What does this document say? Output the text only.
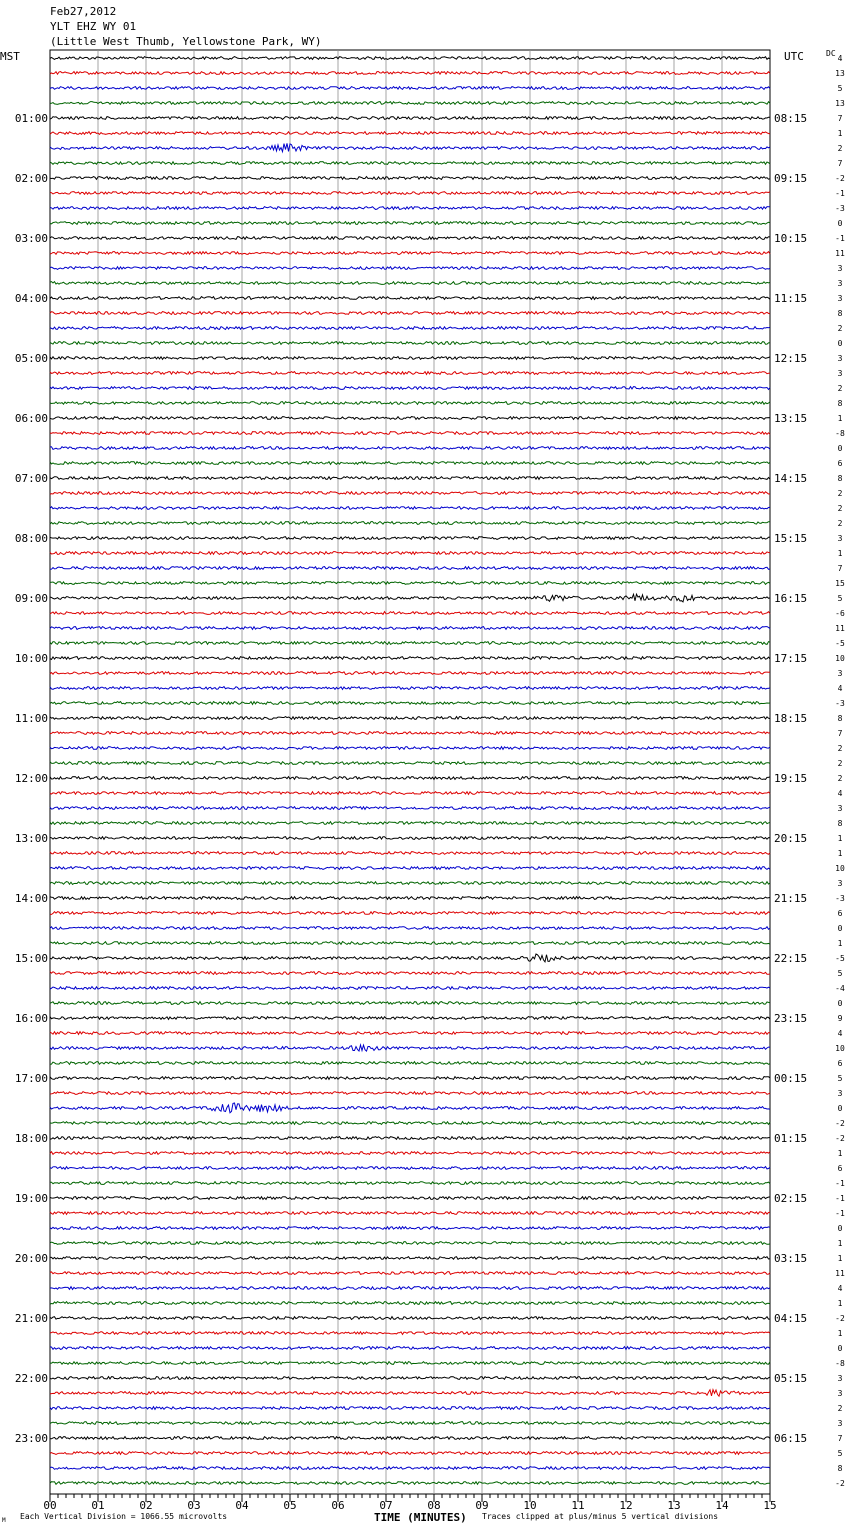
Feb27,2012
YLT EHZ WY 01
(Little West Thumb, Yellowstone Park, WY)
MST	UTC	DC
4
13
5
13
7
01:00	08:15
1
2
7
-2
02:00	09:15
-1
-3
0
-1
03:00	10:15
11
3
3
3
04:00	11:15
8
2
0
3
05:00	12:15
3
2
8
1
06:00	13:15
-8
0
6
8
07:00	14:15
2
2
2
3
08:00	15:15
1
7
15
5
09:00	16:15
-6
11
-5
10
10:00	17:15
3
4
-3
8
11:00	18:15
7
2
2
2
12:00	19:15
4
3
8
1
13:00	20:15
1
10
3
-3
14:00	21:15
6
0
1
-5
15:00	22:15
5
-4
0
9
16:00	23:15
4
10
6
5
17:00	00:15
3
0
-2
-2
18:00	01:15
1
6
-1
-1
19:00	02:15
-1
0
1
1
20:00	03:15
11
4
1
-2
21:00	04:15
1
0
-8
3
22:00	05:15
3
2
3
7
23:00	06:15
5
8
-2
00	01	02	03	04	05	06	07	08	09	10	11	12	13	14	15
M Each Vertical Division = 1066.55 microvolts	TIME (MINUTES) Traces clipped at plus/minus 5 vertical divisions
